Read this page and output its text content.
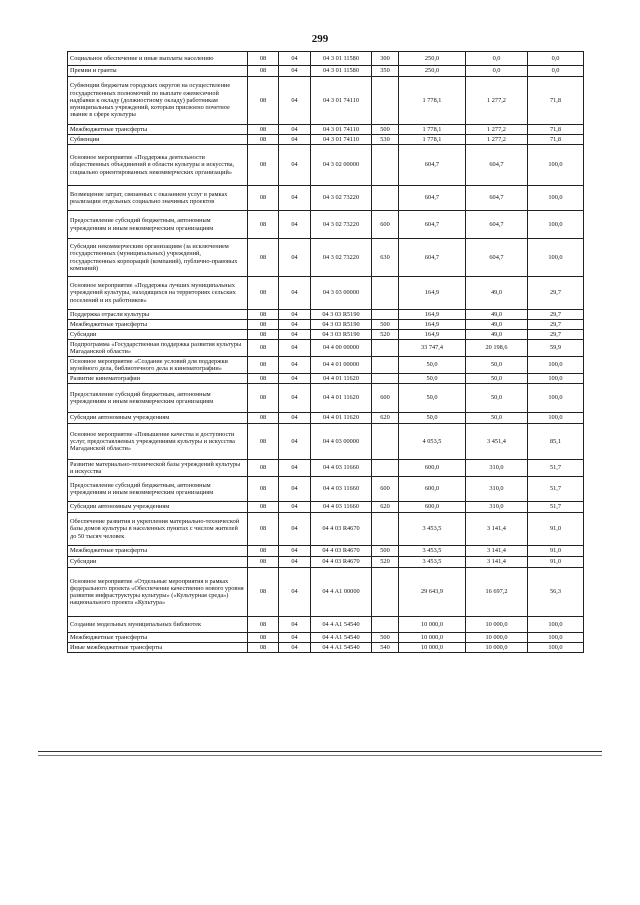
299
Социальное обеспечение и иные выплаты населению	08	04	04 3 01 11580	300	250,0	0,0	0,0
Премии и гранты	08	04	04 3 01 11580	350	250,0	0,0	0,0
Субвенции бюджетам городских округов на осуществление государственных полномочий по выплате ежемесячной надбавки к окладу (должностному окладу) работникам муниципальных учреждений, которым присвоено почетное звание в сфере культуры	08	04	04 3 01 74110		1 778,1	1 277,2	71,8
Межбюджетные трансферты	08	04	04 3 01 74110	500	1 778,1	1 277,2	71,8
Субвенции	08	04	04 3 01 74110	530	1 778,1	1 277,2	71,8
Основное мероприятие «Поддержка деятельности общественных объединений в области культуры и искусства, социально ориентированных некоммерческих организаций»	08	04	04 3 02 00000		604,7	604,7	100,0
Возмещение затрат, связанных с оказанием услуг в рамках реализации отдельных социально значимых проектов	08	04	04 3 02 73220		604,7	604,7	100,0
Предоставление субсидий бюджетным, автономным учреждениям и иным некоммерческим организациям	08	04	04 3 02 73220	600	604,7	604,7	100,0
Субсидии некоммерческим организациям (за исключением государственных (муниципальных) учреждений, государственных корпораций (компаний), публично-правовых компаний)	08	04	04 3 02 73220	630	604,7	604,7	100,0
Основное мероприятие «Поддержка лучших муниципальных учреждений культуры, находящихся на территориях сельских поселений и их работников»	08	04	04 3 03 00000		164,9	49,0	29,7
Поддержка отрасли культуры	08	04	04 3 03 R5190		164,9	49,0	29,7
Межбюджетные трансферты	08	04	04 3 03 R5190	500	164,9	49,0	29,7
Субсидии	08	04	04 3 03 R5190	520	164,9	49,0	29,7
Подпрограмма «Государственная поддержка развития культуры Магаданской области»	08	04	04 4 00 00000		33 747,4	20 198,6	59,9
Основное мероприятие «Создание условий для поддержки музейного дела, библиотечного дела и кинематографии»	08	04	04 4 01 00000		50,0	50,0	100,0
Развитие кинематографии	08	04	04 4 01 11620		50,0	50,0	100,0
Предоставление субсидий бюджетным, автономным учреждениям и иным некоммерческим организациям	08	04	04 4 01 11620	600	50,0	50,0	100,0
Субсидии автономным учреждениям	08	04	04 4 01 11620	620	50,0	50,0	100,0
Основное мероприятие «Повышение качества и доступности услуг, предоставляемых учреждениями культуры и искусства Магаданской области»	08	04	04 4 03 00000		4 053,5	3 451,4	85,1
Развитие материально-технической базы учреждений культуры и искусства	08	04	04 4 03 11660		600,0	310,0	51,7
Предоставление субсидий бюджетным, автономным учреждениям и иным некоммерческим организациям	08	04	04 4 03 11660	600	600,0	310,0	51,7
Субсидии автономным учреждениям	08	04	04 4 03 11660	620	600,0	310,0	51,7
Обеспечение развития и укрепления материально-технической базы домов культуры в населенных пунктах с числом жителей до 50 тысяч человек	08	04	04 4 03 R4670		3 453,5	3 141,4	91,0
Межбюджетные трансферты	08	04	04 4 03 R4670	500	3 453,5	3 141,4	91,0
Субсидии	08	04	04 4 03 R4670	520	3 453,5	3 141,4	91,0
Основное мероприятие «Отдельные мероприятия в рамках федерального проекта «Обеспечение качественно нового уровня развития инфраструктуры культуры» («Культурная среда») национального проекта «Культура»	08	04	04 4 A1 00000		29 643,9	16 697,2	56,3
Создание модельных муниципальных библиотек	08	04	04 4 A1 54540		10 000,0	10 000,0	100,0
Межбюджетные трансферты	08	04	04 4 A1 54540	500	10 000,0	10 000,0	100,0
Иные межбюджетные трансферты	08	04	04 4 A1 54540	540	10 000,0	10 000,0	100,0
